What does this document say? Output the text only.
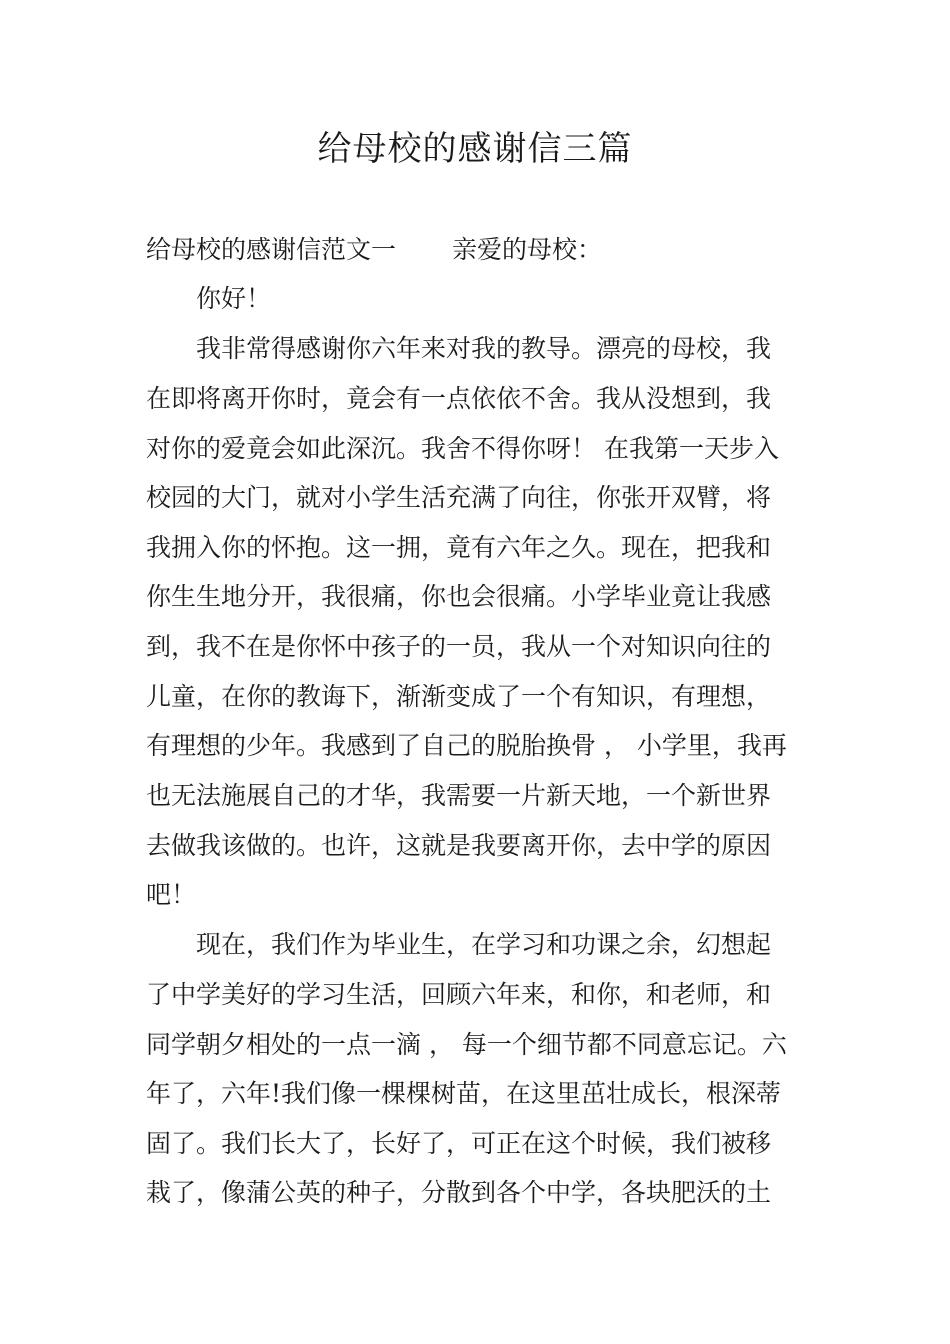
给母校的感谢信三篇
给母校的感谢信范文一 亲爱的母校：
你好！
我非常得感谢你六年来对我的教导。漂亮的母校，我
在即将离开你时，竟会有一点依依不舍。我从没想到，我
对你的爱竟会如此深沉。我舍不得你呀！ 在我第一天步入
校园的大门，就对小学生活充满了向往，你张开双臂，将
我拥入你的怀抱。这一拥，竟有六年之久。现在，把我和
你生生地分开，我很痛，你也会很痛。小学毕业竟让我感
到，我不在是你怀中孩子的一员，我从一个对知识向往的
儿童，在你的教诲下，渐渐变成了一个有知识，有理想，
有理想的少年。我感到了自己的脱胎换骨 ， 小学里，我再
也无法施展自己的才华，我需要一片新天地，一个新世界
去做我该做的。也许，这就是我要离开你，去中学的原因
吧！
现在，我们作为毕业生，在学习和功课之余，幻想起
了中学美好的学习生活，回顾六年来，和你，和老师，和
同学朝夕相处的一点一滴 ， 每一个细节都不同意忘记。六
年了，六年!我们像一棵棵树苗，在这里茁壮成长，根深蒂
固了。我们长大了，长好了，可正在这个时候，我们被移
栽了，像蒲公英的种子，分散到各个中学，各块肥沃的土
